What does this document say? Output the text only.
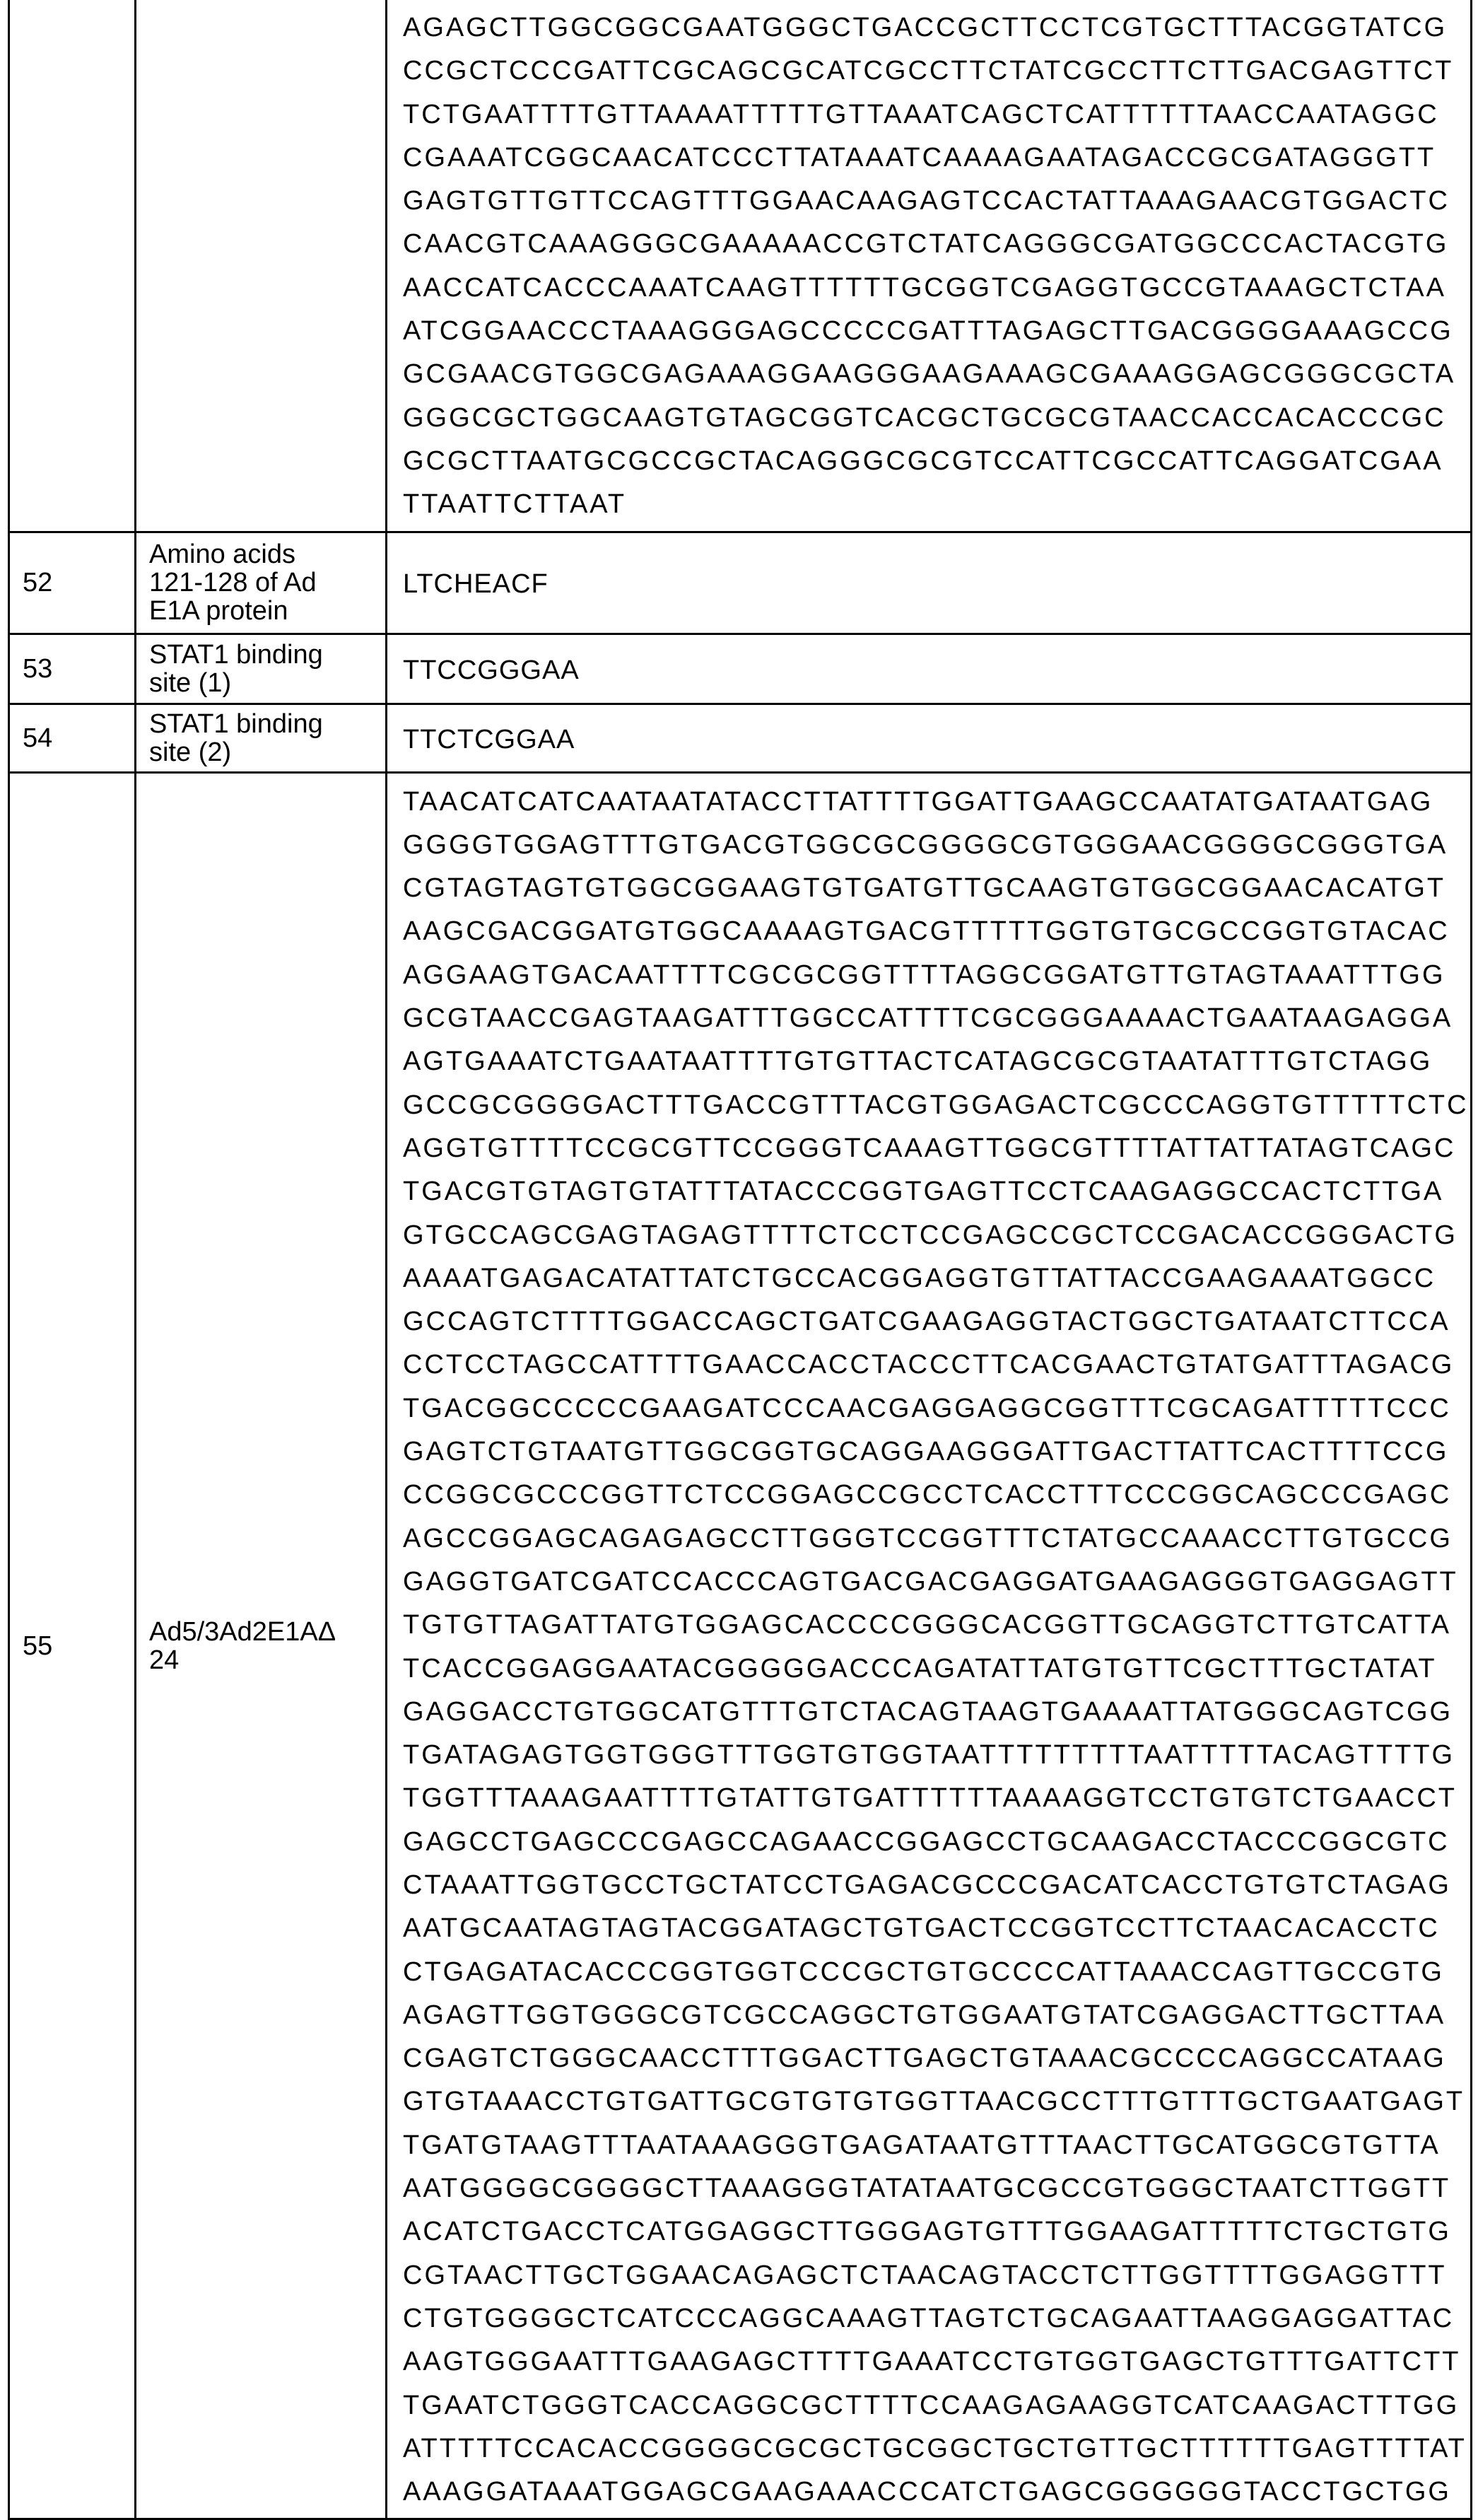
AGAGCTTGGCGGCGAATGGGCTGACCGCTTCCTCGTGCTTTACGGTATCG
CCGCTCCCGATTCGCAGCGCATCGCCTTCTATCGCCTTCTTGACGAGTTCT
TCTGAATTTTGTTAAAATTTTTGTTAAATCAGCTCATTTTTTAACCAATAGGC
CGAAATCGGCAACATCCCTTATAAATCAAAAGAATAGACCGCGATAGGGTT
GAGTGTTGTTCCAGTTTGGAACAAGAGTCCACTATTAAAGAACGTGGACTC
CAACGTCAAAGGGCGAAAAACCGTCTATCAGGGCGATGGCCCACTACGTG
AACCATCACCCAAATCAAGTTTTTTGCGGTCGAGGTGCCGTAAAGCTCTAA
ATCGGAACCCTAAAGGGAGCCCCCGATTTAGAGCTTGACGGGGAAAGCCG
GCGAACGTGGCGAGAAAGGAAGGGAAGAAAGCGAAAGGAGCGGGCGCTA
GGGCGCTGGCAAGTGTAGCGGTCACGCTGCGCGTAACCACCACACCCGC
GCGCTTAATGCGCCGCTACAGGGCGCGTCCATTCGCCATTCAGGATCGAA
TTAATTCTTAAT

52	Amino acids
121-128 of Ad
E1A protein	LTCHEACF
53	STAT1 binding
site (1)	TTCCGGGAA
54	STAT1 binding
site (2)	TTCTCGGAA
55	Ad5/3Ad2E1AΔ
24	
TAACATCATCAATAATATACCTTATTTTGGATTGAAGCCAATATGATAATGAG
GGGGTGGAGTTTGTGACGTGGCGCGGGGCGTGGGAACGGGGCGGGTGA
CGTAGTAGTGTGGCGGAAGTGTGATGTTGCAAGTGTGGCGGAACACATGT
AAGCGACGGATGTGGCAAAAGTGACGTTTTTGGTGTGCGCCGGTGTACAC
AGGAAGTGACAATTTTCGCGCGGTTTTAGGCGGATGTTGTAGTAAATTTGG
GCGTAACCGAGTAAGATTTGGCCATTTTCGCGGGAAAACTGAATAAGAGGA
AGTGAAATCTGAATAATTTTGTGTTACTCATAGCGCGTAATATTTGTCTAGG
GCCGCGGGGACTTTGACCGTTTACGTGGAGACTCGCCCAGGTGTTTTTCTC
AGGTGTTTTCCGCGTTCCGGGTCAAAGTTGGCGTTTTATTATTATAGTCAGC
TGACGTGTAGTGTATTTATACCCGGTGAGTTCCTCAAGAGGCCACTCTTGA
GTGCCAGCGAGTAGAGTTTTCTCCTCCGAGCCGCTCCGACACCGGGACTG
AAAATGAGACATATTATCTGCCACGGAGGTGTTATTACCGAAGAAATGGCC
GCCAGTCTTTTGGACCAGCTGATCGAAGAGGTACTGGCTGATAATCTTCCA
CCTCCTAGCCATTTTGAACCACCTACCCTTCACGAACTGTATGATTTAGACG
TGACGGCCCCCGAAGATCCCAACGAGGAGGCGGTTTCGCAGATTTTTCCC
GAGTCTGTAATGTTGGCGGTGCAGGAAGGGATTGACTTATTCACTTTTCCG
CCGGCGCCCGGTTCTCCGGAGCCGCCTCACCTTTCCCGGCAGCCCGAGC
AGCCGGAGCAGAGAGCCTTGGGTCCGGTTTCTATGCCAAACCTTGTGCCG
GAGGTGATCGATCCACCCAGTGACGACGAGGATGAAGAGGGTGAGGAGTT
TGTGTTAGATTATGTGGAGCACCCCGGGCACGGTTGCAGGTCTTGTCATTA
TCACCGGAGGAATACGGGGGACCCAGATATTATGTGTTCGCTTTGCTATAT
GAGGACCTGTGGCATGTTTGTCTACAGTAAGTGAAAATTATGGGCAGTCGG
TGATAGAGTGGTGGGTTTGGTGTGGTAATTTTTTTTTAATTTTTACAGTTTTG
TGGTTTAAAGAATTTTGTATTGTGATTTTTTAAAAGGTCCTGTGTCTGAACCT
GAGCCTGAGCCCGAGCCAGAACCGGAGCCTGCAAGACCTACCCGGCGTC
CTAAATTGGTGCCTGCTATCCTGAGACGCCCGACATCACCTGTGTCTAGAG
AATGCAATAGTAGTACGGATAGCTGTGACTCCGGTCCTTCTAACACACCTC
CTGAGATACACCCGGTGGTCCCGCTGTGCCCCATTAAACCAGTTGCCGTG
AGAGTTGGTGGGCGTCGCCAGGCTGTGGAATGTATCGAGGACTTGCTTAA
CGAGTCTGGGCAACCTTTGGACTTGAGCTGTAAACGCCCCAGGCCATAAG
GTGTAAACCTGTGATTGCGTGTGTGGTTAACGCCTTTGTTTGCTGAATGAGT
TGATGTAAGTTTAATAAAGGGTGAGATAATGTTTAACTTGCATGGCGTGTTA
AATGGGGCGGGGCTTAAAGGGTATATAATGCGCCGTGGGCTAATCTTGGTT
ACATCTGACCTCATGGAGGCTTGGGAGTGTTTGGAAGATTTTTCTGCTGTG
CGTAACTTGCTGGAACAGAGCTCTAACAGTACCTCTTGGTTTTGGAGGTTT
CTGTGGGGCTCATCCCAGGCAAAGTTAGTCTGCAGAATTAAGGAGGATTAC
AAGTGGGAATTTGAAGAGCTTTTGAAATCCTGTGGTGAGCTGTTTGATTCTT
TGAATCTGGGTCACCAGGCGCTTTTCCAAGAGAAGGTCATCAAGACTTTGG
ATTTTTCCACACCGGGGCGCGCTGCGGCTGCTGTTGCTTTTTTGAGTTTTAT
AAAGGATAAATGGAGCGAAGAAACCCATCTGAGCGGGGGGTACCTGCTGG
